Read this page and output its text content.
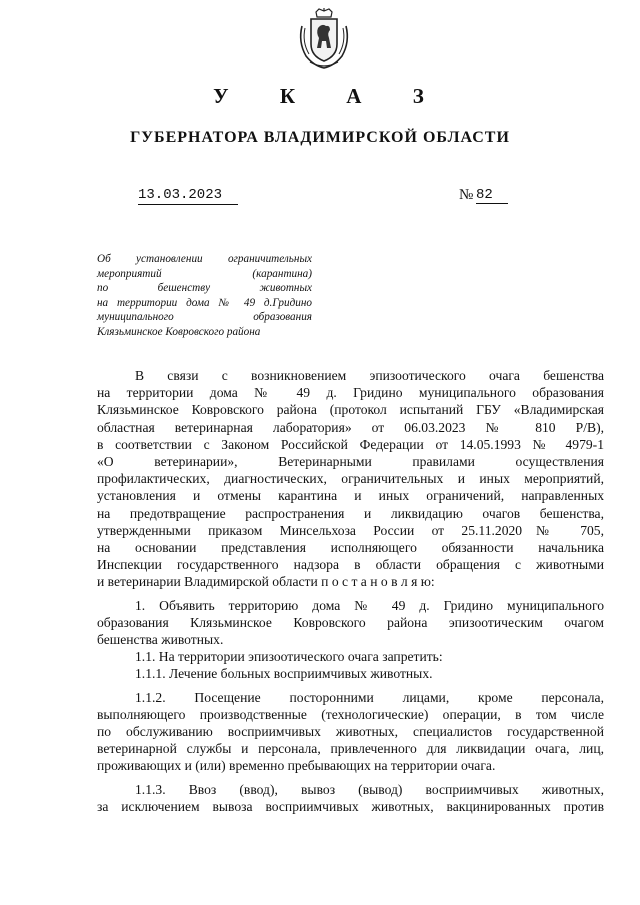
У К А З
ГУБЕРНАТОРА ВЛАДИМИРСКОЙ ОБЛАСТИ
13.03.2023	№ 82
Об установлении ограничительных
мероприятий (карантина)
по бешенству животных
на территории дома № 49 д.Гридино
муниципального образования
Клязьминское Ковровского района
В связи с возникновением эпизоотического очага бешенства
на территории дома № 49 д. Гридино муниципального образования
Клязьминское Ковровского района (протокол испытаний ГБУ «Владимирская
областная ветеринарная лаборатория» от 06.03.2023 № 810 Р/В),
в соответствии с Законом Российской Федерации от 14.05.1993 № 4979-1
«О ветеринарии», Ветеринарными правилами осуществления
профилактических, диагностических, ограничительных и иных мероприятий,
установления и отмены карантина и иных ограничений, направленных
на предотвращение распространения и ликвидацию очагов бешенства,
утвержденными приказом Минсельхоза России от 25.11.2020№ 705,
на основании представления исполняющего обязанности начальника
Инспекции государственного надзора в области обращения с животными
и ветеринарии Владимирской области п о с т а н о в л я ю:
1. Объявить территорию дома № 49 д. Гридино муниципального
образования Клязьминское Ковровского района эпизоотическим очагом
бешенства животных.
1.1. На территории эпизоотического очага запретить:
1.1.1. Лечение больных восприимчивых животных.
1.1.2. Посещение посторонними лицами, кроме персонала,
выполняющего производственные (технологические) операции, в том числе
по обслуживанию восприимчивых животных, специалистов государственной
ветеринарной службы и персонала, привлеченного для ликвидации очага, лиц,
проживающих и (или) временно пребывающих на территории очага.
1.1.3. Ввоз (ввод), вывоз (вывод) восприимчивых животных,
за исключением вывоза восприимчивых животных, вакцинированных против
